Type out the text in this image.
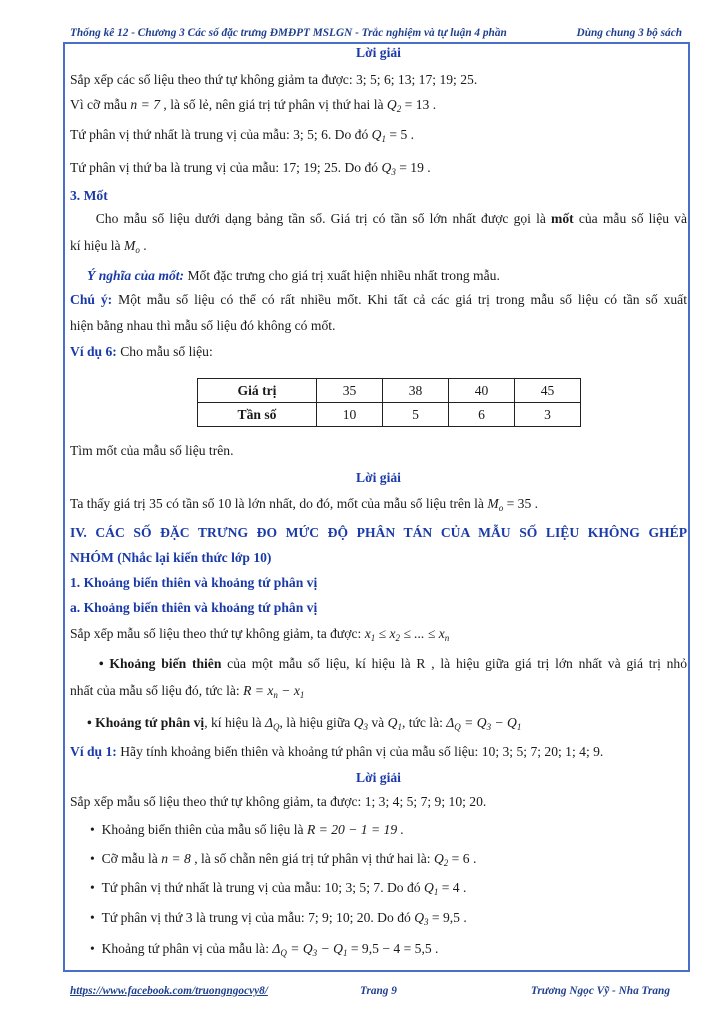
Thống kê 12 - Chương 3 Các số đặc trưng ĐMĐPT MSLGN - Trắc nghiệm và tự luận 4 phần	Dùng chung 3 bộ sách
Lời giải
Sắp xếp các số liệu theo thứ tự không giảm ta được: 3; 5; 6; 13; 17; 19; 25.
Vì cỡ mẫu n = 7 , là số lẻ, nên giá trị tứ phân vị thứ hai là $Q_2 = 13$ .
Tứ phân vị thứ nhất là trung vị của mẫu: 3; 5; 6. Do đó $Q_1 = 5$ .
Tứ phân vị thứ ba là trung vị của mẫu: 17; 19; 25. Do đó $Q_3 = 19$ .
3. Mốt
Cho mẫu số liệu dưới dạng bảng tần số. Giá trị có tần số lớn nhất được gọi là mốt của mẫu số liệu và
kí hiệu là $M_o$ .
Ý nghĩa của mốt: Mốt đặc trưng cho giá trị xuất hiện nhiều nhất trong mẫu.
Chú ý: Một mẫu số liệu có thể có rất nhiều mốt. Khi tất cả các giá trị trong mẫu số liệu có tần số xuất
hiện bằng nhau thì mẫu số liệu đó không có mốt.
Ví dụ 6: Cho mẫu số liệu:
Giá trị	35	38	40	45
Tần số	10	5	6	3
Tìm mốt của mẫu số liệu trên.
Lời giải
Ta thấy giá trị 35 có tần số 10 là lớn nhất, do đó, mốt của mẫu số liệu trên là $M_o = 35$ .
IV. CÁC SỐ ĐẶC TRƯNG ĐO MỨC ĐỘ PHÂN TÁN CỦA MẪU SỐ LIỆU KHÔNG GHÉP
NHÓM (Nhắc lại kiến thức lớp 10)
1. Khoảng biến thiên và khoảng tứ phân vị
a. Khoảng biến thiên và khoảng tứ phân vị
Sắp xếp mẫu số liệu theo thứ tự không giảm, ta được: $x_1 \le x_2$ ≤ ... ≤ $x_n$
• Khoảng biến thiên của một mẫu số liệu, kí hiệu là R , là hiệu giữa giá trị lớn nhất và giá trị nhỏ
nhất của mẫu số liệu đó, tức là: $R = x_n - x_1$
• Khoảng tứ phân vị, kí hiệu là $\Delta_Q$, là hiệu giữa $Q_3$ và $Q_1$, tức là: $\Delta_Q = Q_3 - Q_1$
Ví dụ 1: Hãy tính khoảng biến thiên và khoảng tứ phân vị của mẫu số liệu: 10; 3; 5; 7; 20; 1; 4; 9.
Lời giải
Sắp xếp mẫu số liệu theo thứ tự không giảm, ta được: 1; 3; 4; 5; 7; 9; 10; 20.
•  Khoảng biến thiên của mẫu số liệu là R = 20 − 1 = 19 .
•  Cỡ mẫu là n = 8 , là số chẵn nên giá trị tứ phân vị thứ hai là: $Q_2 = 6$ .
•  Tứ phân vị thứ nhất là trung vị của mẫu: 10; 3; 5; 7. Do đó $Q_1 = 4$ .
•  Tứ phân vị thứ 3 là trung vị của mẫu: 7; 9; 10; 20. Do đó $Q_3 = 9,5$ .
•  Khoảng tứ phân vị của mẫu là: $\Delta_Q = Q_3 - Q_1 = 9,5 - 4 = 5,5$ .
https://www.facebook.com/truongngocvy8/	Trang 9	Trương Ngọc Vỹ - Nha Trang
